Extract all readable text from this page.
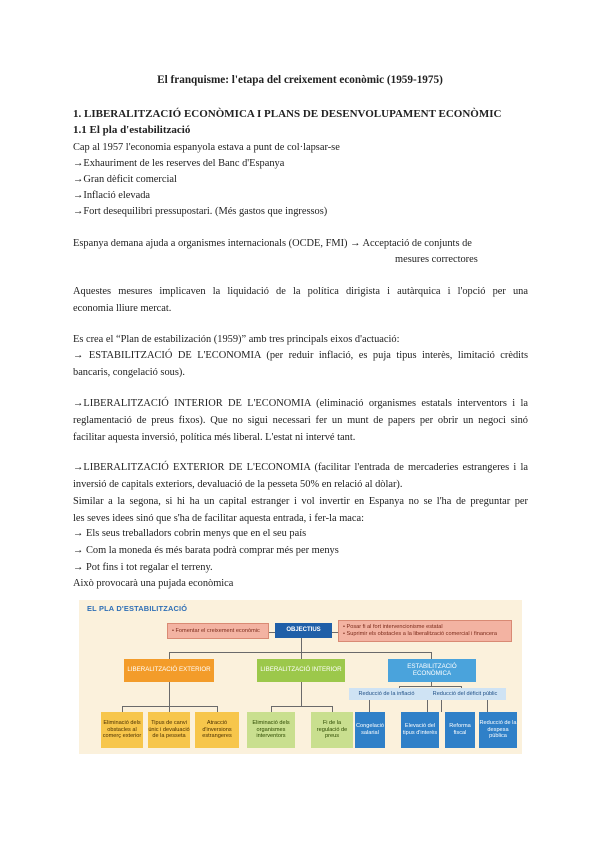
El franquisme: l'etapa del creixement econòmic (1959-1975)
1. LIBERALITZACIÓ ECONÒMICA I PLANS DE DESENVOLUPAMENT ECONÒMIC
1.1 El pla d'estabilització
Cap al 1957 l'economia espanyola estava a punt de col·lapsar-se
→Exhauriment de les reserves del Banc d'Espanya
→Gran dèficit comercial
→Inflació elevada
→Fort desequilibri pressupostari. (Més gastos que ingressos)
Espanya demana ajuda a organismes internacionals (OCDE, FMI) → Acceptació de conjunts de
mesures correctores
Aquestes mesures implicaven la liquidació de la política dirigista i autàrquica i l'opció per una
economia lliure mercat.
Es crea el “Plan de estabilización (1959)” amb tres principals eixos d'actuació:
→ ESTABILITZACIÓ DE L'ECONOMIA (per reduir inflació, es puja tipus interès, limitació crèdits
bancaris, congelació sous).
→LIBERALITZACIÓ INTERIOR DE L'ECONOMIA (eliminació organismes estatals interventors i la
reglamentació de preus fixos). Que no sigui necessari fer un munt de papers per obrir un negoci sinó
facilitar aquesta inversió, política més liberal. L'estat ni intervé tant.
→LIBERALITZACIÓ EXTERIOR DE L'ECONOMIA (facilitar l'entrada de mercaderies estrangeres i la
inversió de capitals exteriors, devaluació de la pesseta 50% en relació al dòlar).
Similar a la segona, si hi ha un capital estranger i vol invertir en Espanya no se l'ha de preguntar per
les seves idees sinó que s'ha de facilitar aquesta entrada, i fer-la maca:
→ Els seus treballadors cobrin menys que en el seu país
→ Com la moneda és més barata podrà comprar més per menys
→ Pot fins i tot regalar el terreny.
Això provocarà una pujada econòmica
EL PLA D'ESTABILITZACIÓ
• Fomentar el creixement econòmic	OBJECTIUS	• Posar fi al fort intervencionisme estatal
• Suprimir els obstacles a la liberalització comercial i financera
LIBERALITZACIÓ EXTERIOR	LIBERALITZACIÓ INTERIOR	ESTABILITZACIÓ ECONÒMICA
Reducció de la inflació	Reducció del dèficit públic
Eliminació dels obstacles al comerç exterior
Tipus de canvi únic i devaluació de la pesseta
Atracció d'inversions estrangeres
Eliminació dels organismes interventors
Fi de la regulació de preus
Congelació salarial
Elevació del tipus d'interès
Reforma fiscal
Reducció de la despesa pública
